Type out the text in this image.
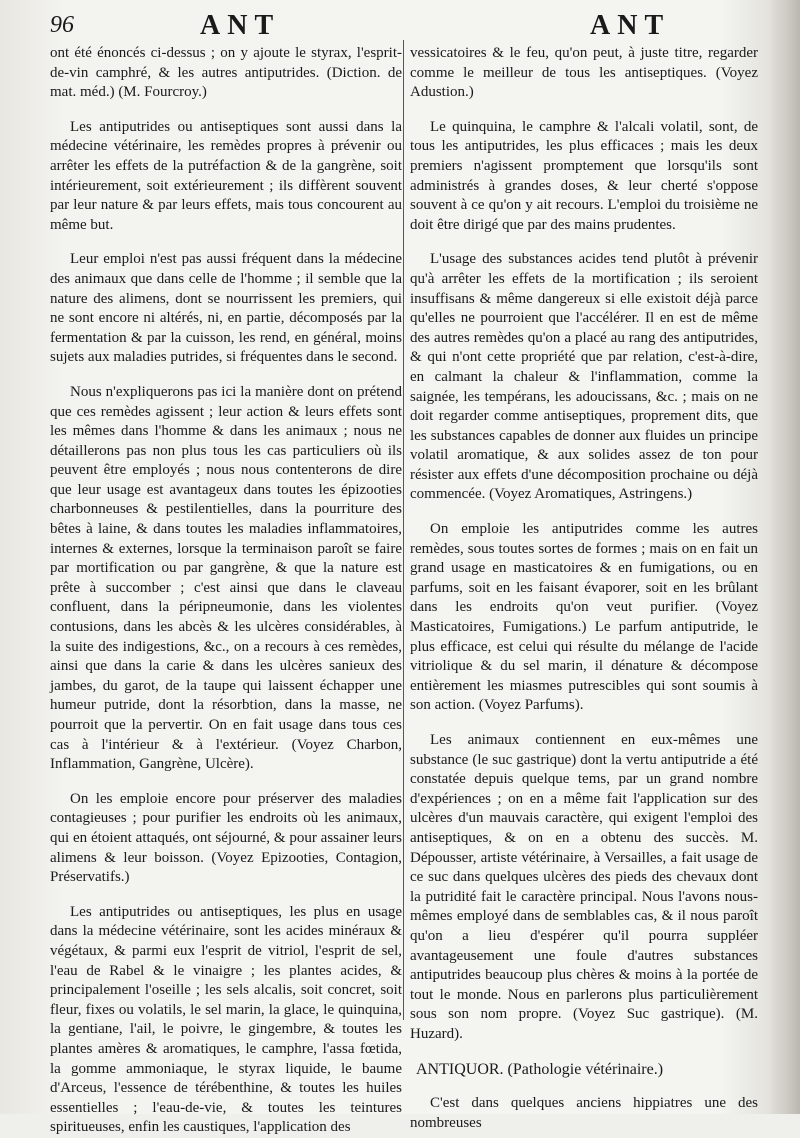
96	ANT	ANT

ont été énoncés ci-dessus ; on y ajoute le styrax, l'esprit-de-vin camphré, & les autres antiputrides. (Diction. de mat. méd.) (M. Fourcroy.)

Les antiputrides ou antiseptiques sont aussi dans la médecine vétérinaire, les remèdes propres à prévenir ou arrêter les effets de la putréfaction & de la gangrène, soit intérieurement, soit extérieurement ; ils diffèrent souvent par leur nature & par leurs effets, mais tous concourent au même but.

Leur emploi n'est pas aussi fréquent dans la médecine des animaux que dans celle de l'homme ; il semble que la nature des alimens, dont se nourrissent les premiers, qui ne sont encore ni altérés, ni, en partie, décomposés par la fermentation & par la cuisson, les rend, en général, moins sujets aux maladies putrides, si fréquentes dans le second.

Nous n'expliquerons pas ici la manière dont on prétend que ces remèdes agissent ; leur action & leurs effets sont les mêmes dans l'homme & dans les animaux ; nous ne détaillerons pas non plus tous les cas particuliers où ils peuvent être employés ; nous nous contenterons de dire que leur usage est avantageux dans toutes les épizooties charbonneuses & pestilentielles, dans la pourriture des bêtes à laine, & dans toutes les maladies inflammatoires, internes & externes, lorsque la terminaison paroît se faire par mortification ou par gangrène, & que la nature est prête à succomber ; c'est ainsi que dans le claveau confluent, dans la péripneumonie, dans les violentes contusions, dans les abcès & les ulcères considérables, à la suite des indigestions, &c., on a recours à ces remèdes, ainsi que dans la carie & dans les ulcères sanieux des jambes, du garot, de la taupe qui laissent échapper une humeur putride, dont la résorbtion, dans la masse, ne pourroit que la pervertir. On en fait usage dans tous ces cas à l'intérieur & à l'extérieur. (Voyez Charbon, Inflammation, Gangrène, Ulcère).

On les emploie encore pour préserver des maladies contagieuses ; pour purifier les endroits où les animaux, qui en étoient attaqués, ont séjourné, & pour assainer leurs alimens & leur boisson. (Voyez Epizooties, Contagion, Préservatifs.)

Les antiputrides ou antiseptiques, les plus en usage dans la médecine vétérinaire, sont les acides minéraux & végétaux, & parmi eux l'esprit de vitriol, l'esprit de sel, l'eau de Rabel & le vinaigre ; les plantes acides, & principalement l'oseille ; les sels alcalis, soit concret, soit fleur, fixes ou volatils, le sel marin, la glace, le quinquina, la gentiane, l'ail, le poivre, le gingembre, & toutes les plantes amères & aromatiques, le camphre, l'assa fœtida, la gomme ammoniaque, le styrax liquide, le baume d'Arceus, l'essence de térébenthine, & toutes les huiles essentielles ; l'eau-de-vie, & toutes les teintures spiritueuses, enfin les caustiques, l'application des

vessicatoires & le feu, qu'on peut, à juste titre, regarder comme le meilleur de tous les antiseptiques. (Voyez Adustion.)

Le quinquina, le camphre & l'alcali volatil, sont, de tous les antiputrides, les plus efficaces ; mais les deux premiers n'agissent promptement que lorsqu'ils sont administrés à grandes doses, & leur cherté s'oppose souvent à ce qu'on y ait recours. L'emploi du troisième ne doit être dirigé que par des mains prudentes.

L'usage des substances acides tend plutôt à prévenir qu'à arrêter les effets de la mortification ; ils seroient insuffisans & même dangereux si elle existoit déjà parce qu'elles ne pourroient que l'accélérer. Il en est de même des autres remèdes qu'on a placé au rang des antiputrides, & qui n'ont cette propriété que par relation, c'est-à-dire, en calmant la chaleur & l'inflammation, comme la saignée, les tempérans, les adoucissans, &c. ; mais on ne doit regarder comme antiseptiques, proprement dits, que les substances capables de donner aux fluides un principe volatil aromatique, & aux solides assez de ton pour résister aux effets d'une décomposition prochaine ou déjà commencée. (Voyez Aromatiques, Astringens.)

On emploie les antiputrides comme les autres remèdes, sous toutes sortes de formes ; mais on en fait un grand usage en masticatoires & en fumigations, ou en parfums, soit en les faisant évaporer, soit en les brûlant dans les endroits qu'on veut purifier. (Voyez Masticatoires, Fumigations.) Le parfum antiputride, le plus efficace, est celui qui résulte du mélange de l'acide vitriolique & du sel marin, il dénature & décompose entièrement les miasmes putrescibles qui sont soumis à son action. (Voyez Parfums).

Les animaux contiennent en eux-mêmes une substance (le suc gastrique) dont la vertu antiputride a été constatée depuis quelque tems, par un grand nombre d'expériences ; on en a même fait l'application sur des ulcères d'un mauvais caractère, qui exigent l'emploi des antiseptiques, & on en a obtenu des succès. M. Dépousser, artiste vétérinaire, à Versailles, a fait usage de ce suc dans quelques ulcères des pieds des chevaux dont la putridité fait le caractère principal. Nous l'avons nous-mêmes employé dans de semblables cas, & il nous paroît qu'on a lieu d'espérer qu'il pourra suppléer avantageusement une foule d'autres substances antiputrides beaucoup plus chères & moins à la portée de tout le monde. Nous en parlerons plus particulièrement sous son nom propre. (Voyez Suc gastrique). (M. Huzard).

ANTIQUOR. (Pathologie vétérinaire.)

C'est dans quelques anciens hippiatres une des nombreuses
